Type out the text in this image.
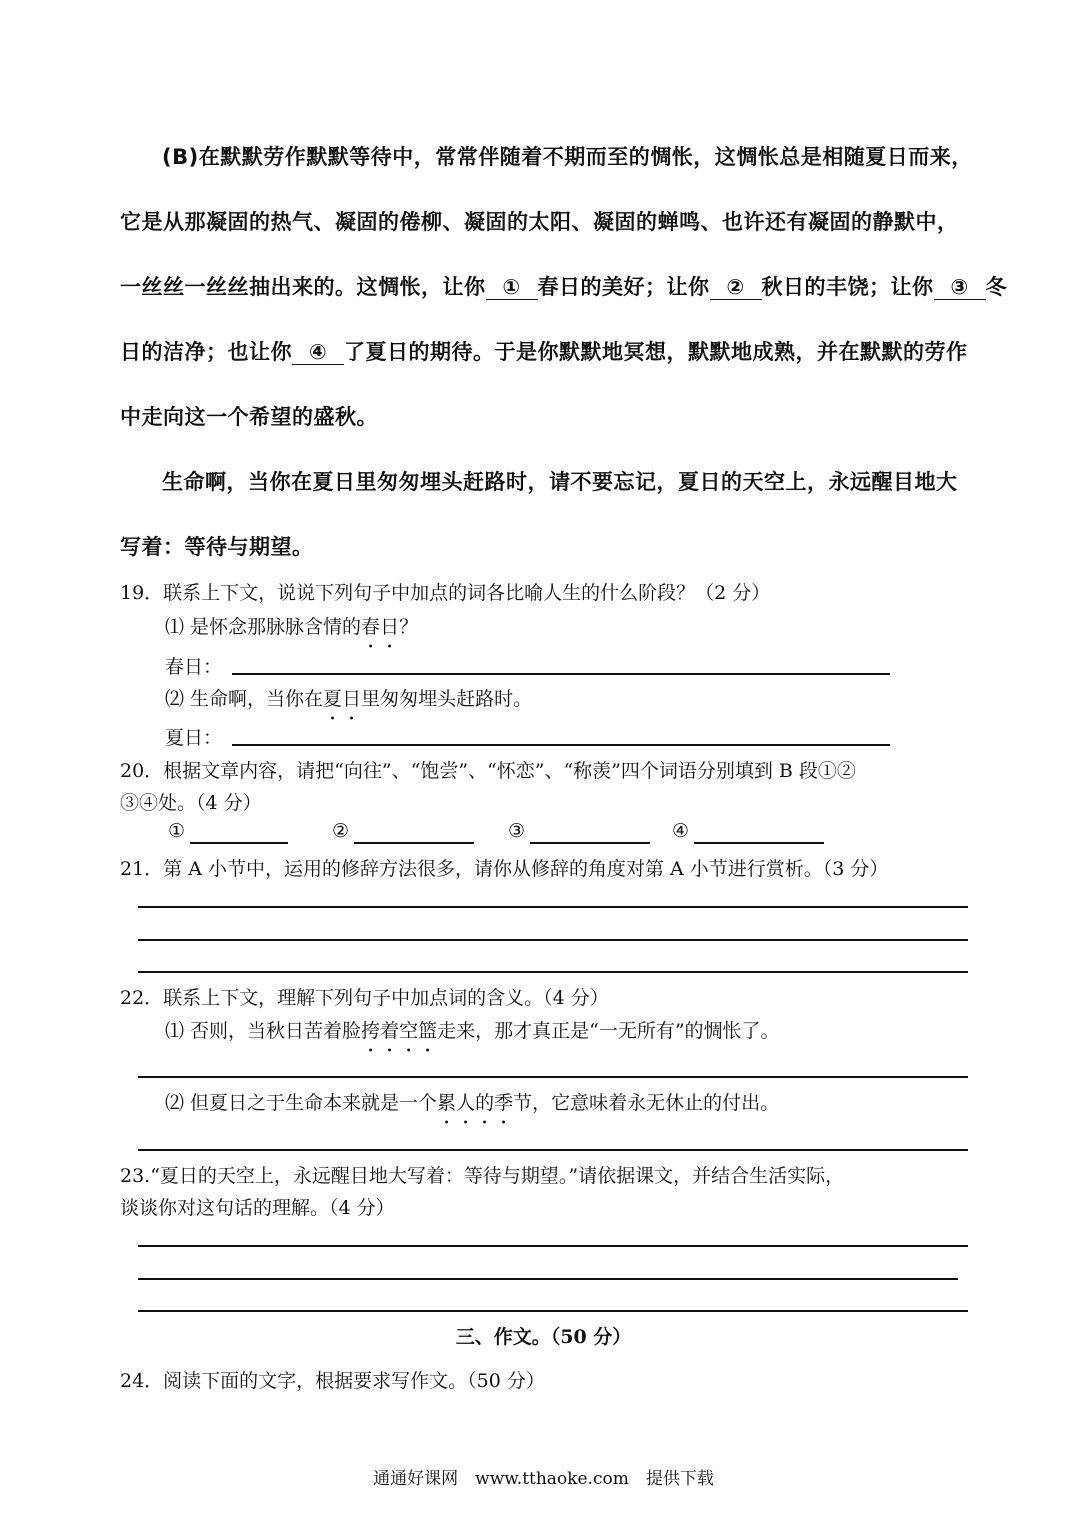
(B)在默默劳作默默等待中，常常伴随着不期而至的惆怅，这惆怅总是相随夏日而来，
它是从那凝固的热气、凝固的倦柳、凝固的太阳、凝固的蝉鸣、也许还有凝固的静默中，
一丝丝一丝丝抽出来的。这惆怅，让你 ① 春日的美好；让你 ② 秋日的丰饶；让你 ③ 冬
日的洁净；也让你 ④ 了夏日的期待。于是你默默地冥想，默默地成熟，并在默默的劳作
中走向这一个希望的盛秋。
生命啊，当你在夏日里匆匆埋头赶路时，请不要忘记，夏日的天空上，永远醒目地大
写着：等待与期望。
19．联系上下文，说说下列句子中加点的词各比喻人生的什么阶段？（2 分）
⑴ 是怀念那脉脉含情的春日？
春日：
⑵ 生命啊，当你在夏日里匆匆埋头赶路时。
夏日：
20．根据文章内容，请把“向往”、“饱尝”、“怀恋”、“称羡”四个词语分别填到 B 段①②
③④处。（4 分）
①	②	③	④
21．第 A 小节中，运用的修辞方法很多，请你从修辞的角度对第 A 小节进行赏析。（3 分）
22．联系上下文，理解下列句子中加点词的含义。（4 分）
⑴ 否则，当秋日苦着脸挎着空篮走来，那才真正是“一无所有”的惆怅了。
⑵ 但夏日之于生命本来就是一个累人的季节，它意味着永无休止的付出。
23.“夏日的天空上，永远醒目地大写着：等待与期望。”请依据课文，并结合生活实际，
谈谈你对这句话的理解。（4 分）
三、作文。（50 分）
24．阅读下面的文字，根据要求写作文。（50 分）
通通好课网　www.tthaoke.com　提供下载
